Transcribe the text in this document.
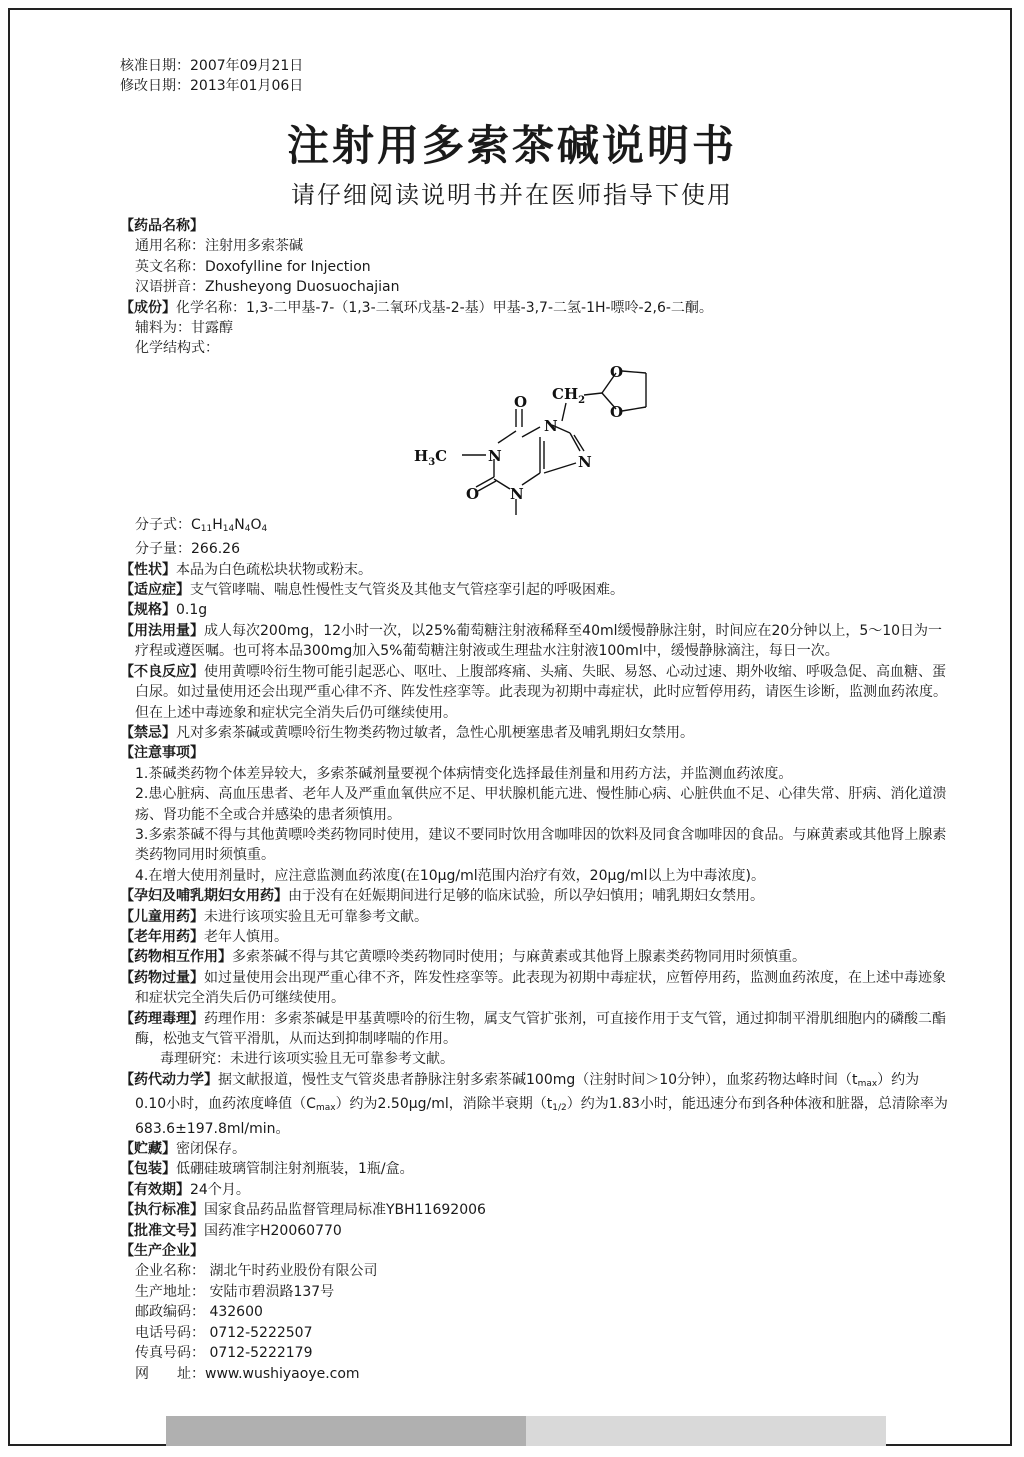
核准日期：2007年09月21日
修改日期：2013年01月06日
注射用多索茶碱说明书
请仔细阅读说明书并在医师指导下使用
【药品名称】
通用名称：注射用多索茶碱
英文名称：Doxofylline for Injection
汉语拼音：Zhusheyong Duosuochajian
【成份】化学名称：1,3-二甲基-7-（1,3-二氧环戊基-2-基）甲基-3,7-二氢-1H-嘌呤-2,6-二酮。
辅料为：甘露醇
化学结构式：
O
O
$CH_2$
O
O
N
N
N
N
$H_3C$
分子式：$C_{11}H_{14}N_4O_4$
分子量：266.26
【性状】本品为白色疏松块状物或粉末。
【适应症】支气管哮喘、喘息性慢性支气管炎及其他支气管痉挛引起的呼吸困难。
【规格】0.1g
【用法用量】成人每次200mg，12小时一次，以25%葡萄糖注射液稀释至40ml缓慢静脉注射，时间应在20分钟以上，5～10日为一疗程或遵医嘱。也可将本品300mg加入5%葡萄糖注射液或生理盐水注射液100ml中，缓慢静脉滴注，每日一次。
【不良反应】使用黄嘌呤衍生物可能引起恶心、呕吐、上腹部疼痛、头痛、失眠、易怒、心动过速、期外收缩、呼吸急促、高血糖、蛋白尿。如过量使用还会出现严重心律不齐、阵发性痉挛等。此表现为初期中毒症状，此时应暂停用药，请医生诊断，监测血药浓度。但在上述中毒迹象和症状完全消失后仍可继续使用。
【禁忌】凡对多索茶碱或黄嘌呤衍生物类药物过敏者，急性心肌梗塞患者及哺乳期妇女禁用。
【注意事项】
1.茶碱类药物个体差异较大，多索茶碱剂量要视个体病情变化选择最佳剂量和用药方法，并监测血药浓度。
2.患心脏病、高血压患者、老年人及严重血氧供应不足、甲状腺机能亢进、慢性肺心病、心脏供血不足、心律失常、肝病、消化道溃疡、肾功能不全或合并感染的患者须慎用。
3.多索茶碱不得与其他黄嘌呤类药物同时使用，建议不要同时饮用含咖啡因的饮料及同食含咖啡因的食品。与麻黄素或其他肾上腺素类药物同用时须慎重。
4.在增大使用剂量时，应注意监测血药浓度(在10μg/ml范围内治疗有效，20μg/ml以上为中毒浓度)。
【孕妇及哺乳期妇女用药】由于没有在妊娠期间进行足够的临床试验，所以孕妇慎用；哺乳期妇女禁用。
【儿童用药】未进行该项实验且无可靠参考文献。
【老年用药】老年人慎用。
【药物相互作用】多索茶碱不得与其它黄嘌呤类药物同时使用；与麻黄素或其他肾上腺素类药物同用时须慎重。
【药物过量】如过量使用会出现严重心律不齐，阵发性痉挛等。此表现为初期中毒症状，应暂停用药，监测血药浓度，在上述中毒迹象和症状完全消失后仍可继续使用。
【药理毒理】药理作用：多索茶碱是甲基黄嘌呤的衍生物，属支气管扩张剂，可直接作用于支气管，通过抑制平滑肌细胞内的磷酸二酯酶，松弛支气管平滑肌，从而达到抑制哮喘的作用。
毒理研究：未进行该项实验且无可靠参考文献。
【药代动力学】据文献报道，慢性支气管炎患者静脉注射多索茶碱100mg（注射时间＞10分钟），血浆药物达峰时间$(t_{max})$约为0.10小时，血药浓度峰值$(C_{max})$约为2.50μg/ml，消除半衰期$(t_{1/2})$约为1.83小时，能迅速分布到各种体液和脏器，总清除率为683.6±197.8ml/min。
【贮藏】密闭保存。
【包装】低硼硅玻璃管制注射剂瓶装，1瓶/盒。
【有效期】24个月。
【执行标准】国家食品药品监督管理局标准YBH11692006
【批准文号】国药准字H20060770
【生产企业】
企业名称： 湖北午时药业股份有限公司
生产地址： 安陆市碧涢路137号
邮政编码： 432600
电话号码： 0712-5222507
传真号码： 0712-5222179
网　　址：www.wushiyaoye.com
